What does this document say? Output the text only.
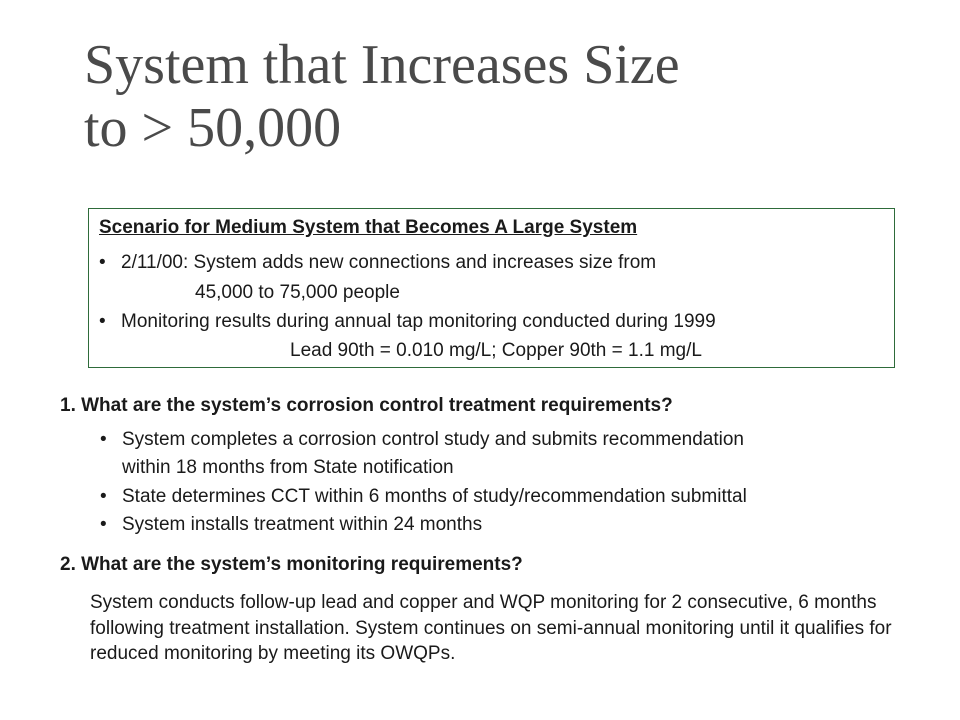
System that Increases Size
to > 50,000

Scenario for Medium System that Becomes A Large System

• 2/11/00: System adds new connections and increases size from

45,000 to 75,000 people

• Monitoring results during annual tap monitoring conducted during 1999

Lead 90th = 0.010 mg/L; Copper 90th = 1.1 mg/L

1. What are the system’s corrosion control treatment requirements?

• System completes a corrosion control study and submits recommendation

within 18 months from State notification

• State determines CCT within 6 months of study/recommendation submittal

• System installs treatment within 24 months

2. What are the system’s monitoring requirements?

System conducts follow-up lead and copper and WQP monitoring for 2 consecutive, 6 months following treatment installation. System continues on semi-annual monitoring until it qualifies for reduced monitoring by meeting its OWQPs.
